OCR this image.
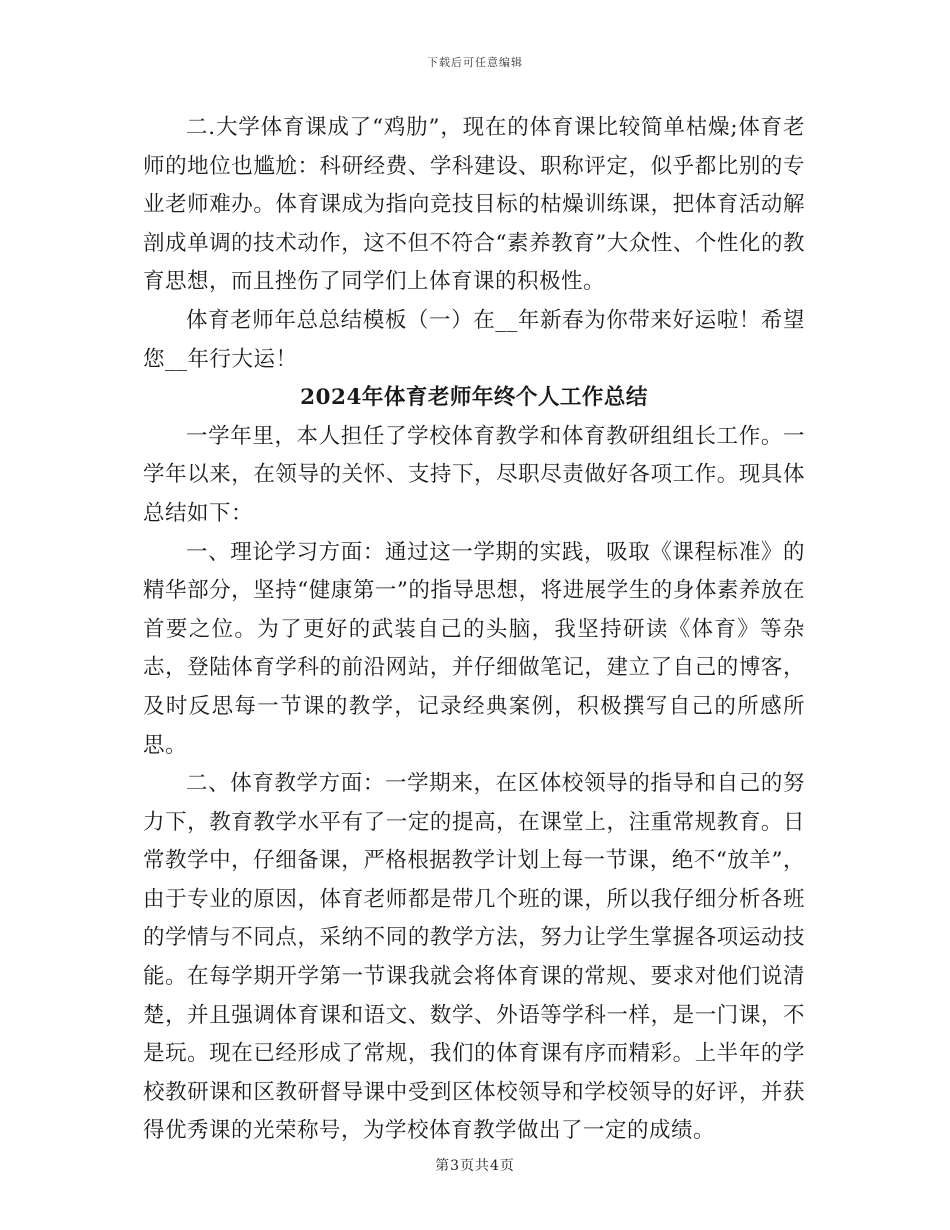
下载后可任意编辑

二.大学体育课成了“鸡肋”，现在的体育课比较简单枯燥;体育老师的地位也尴尬：科研经费、学科建设、职称评定，似乎都比别的专业老师难办。体育课成为指向竞技目标的枯燥训练课，把体育活动解剖成单调的技术动作，这不但不符合“素养教育”大众性、个性化的教育思想，而且挫伤了同学们上体育课的积极性。

体育老师年总总结模板（一）在__年新春为你带来好运啦！希望您__年行大运！

2024年体育老师年终个人工作总结

一学年里，本人担任了学校体育教学和体育教研组组长工作。一学年以来，在领导的关怀、支持下，尽职尽责做好各项工作。现具体总结如下：

一、理论学习方面：通过这一学期的实践，吸取《课程标准》的精华部分，坚持“健康第一”的指导思想，将进展学生的身体素养放在首要之位。为了更好的武装自己的头脑，我坚持研读《体育》等杂志，登陆体育学科的前沿网站，并仔细做笔记，建立了自己的博客，及时反思每一节课的教学，记录经典案例，积极撰写自己的所感所思。

二、体育教学方面：一学期来，在区体校领导的指导和自己的努力下，教育教学水平有了一定的提高，在课堂上，注重常规教育。日常教学中，仔细备课，严格根据教学计划上每一节课，绝不“放羊”，由于专业的原因，体育老师都是带几个班的课，所以我仔细分析各班的学情与不同点，采纳不同的教学方法，努力让学生掌握各项运动技能。在每学期开学第一节课我就会将体育课的常规、要求对他们说清楚，并且强调体育课和语文、数学、外语等学科一样，是一门课，不是玩。现在已经形成了常规，我们的体育课有序而精彩。上半年的学校教研课和区教研督导课中受到区体校领导和学校领导的好评，并获得优秀课的光荣称号，为学校体育教学做出了一定的成绩。

第3页共4页
